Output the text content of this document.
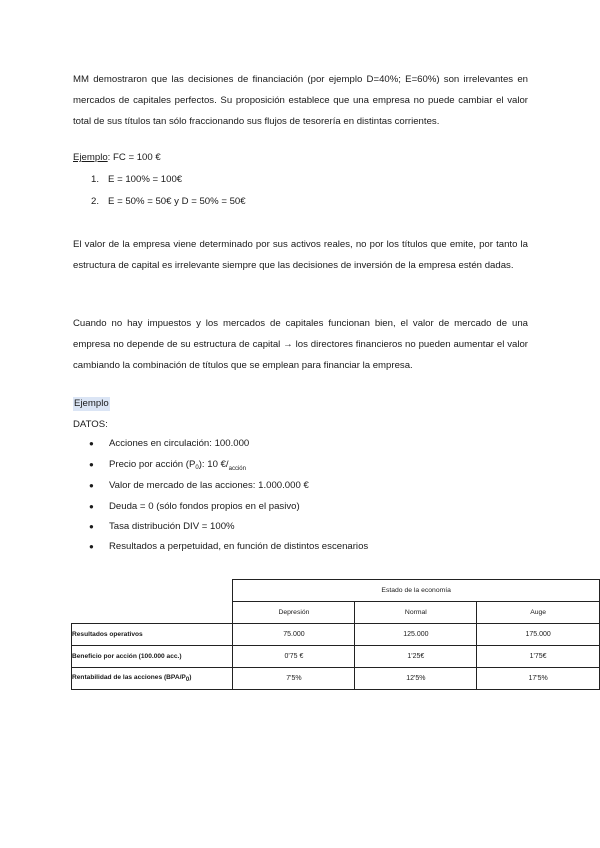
MM demostraron que las decisiones de financiación (por ejemplo D=40%; E=60%) son irrelevantes en mercados de capitales perfectos. Su proposición establece que una empresa no puede cambiar el valor total de sus títulos tan sólo fraccionando sus flujos de tesorería en distintas corrientes.

Ejemplo: FC = 100 €
1. E = 100% = 100€
2. E = 50% = 50€ y D = 50% = 50€

El valor de la empresa viene determinado por sus activos reales, no por los títulos que emite, por tanto la estructura de capital es irrelevante siempre que las decisiones de inversión de la empresa estén dadas.

Cuando no hay impuestos y los mercados de capitales funcionan bien, el valor de mercado de una empresa no depende de su estructura de capital → los directores financieros no pueden aumentar el valor cambiando la combinación de títulos que se emplean para financiar la empresa.

Ejemplo
DATOS:
● Acciones en circulación: 100.000
● Precio por acción $(P_0)$: 10 $€/_{acción}$
● Valor de mercado de las acciones: 1.000.000 €
● Deuda = 0 (sólo fondos propios en el pasivo)
● Tasa distribución DIV = 100%
● Resultados a perpetuidad, en función de distintos escenarios
	Estado de la economía		
	Depresión	Normal	Auge
Resultados operativos	75.000	125.000	175.000
Beneficio por acción (100.000 acc.)	0'75 €	1'25€	1'75€
Rentabilidad de las acciones $(BPA/P_0)$	7'5%	12'5%	17'5%
